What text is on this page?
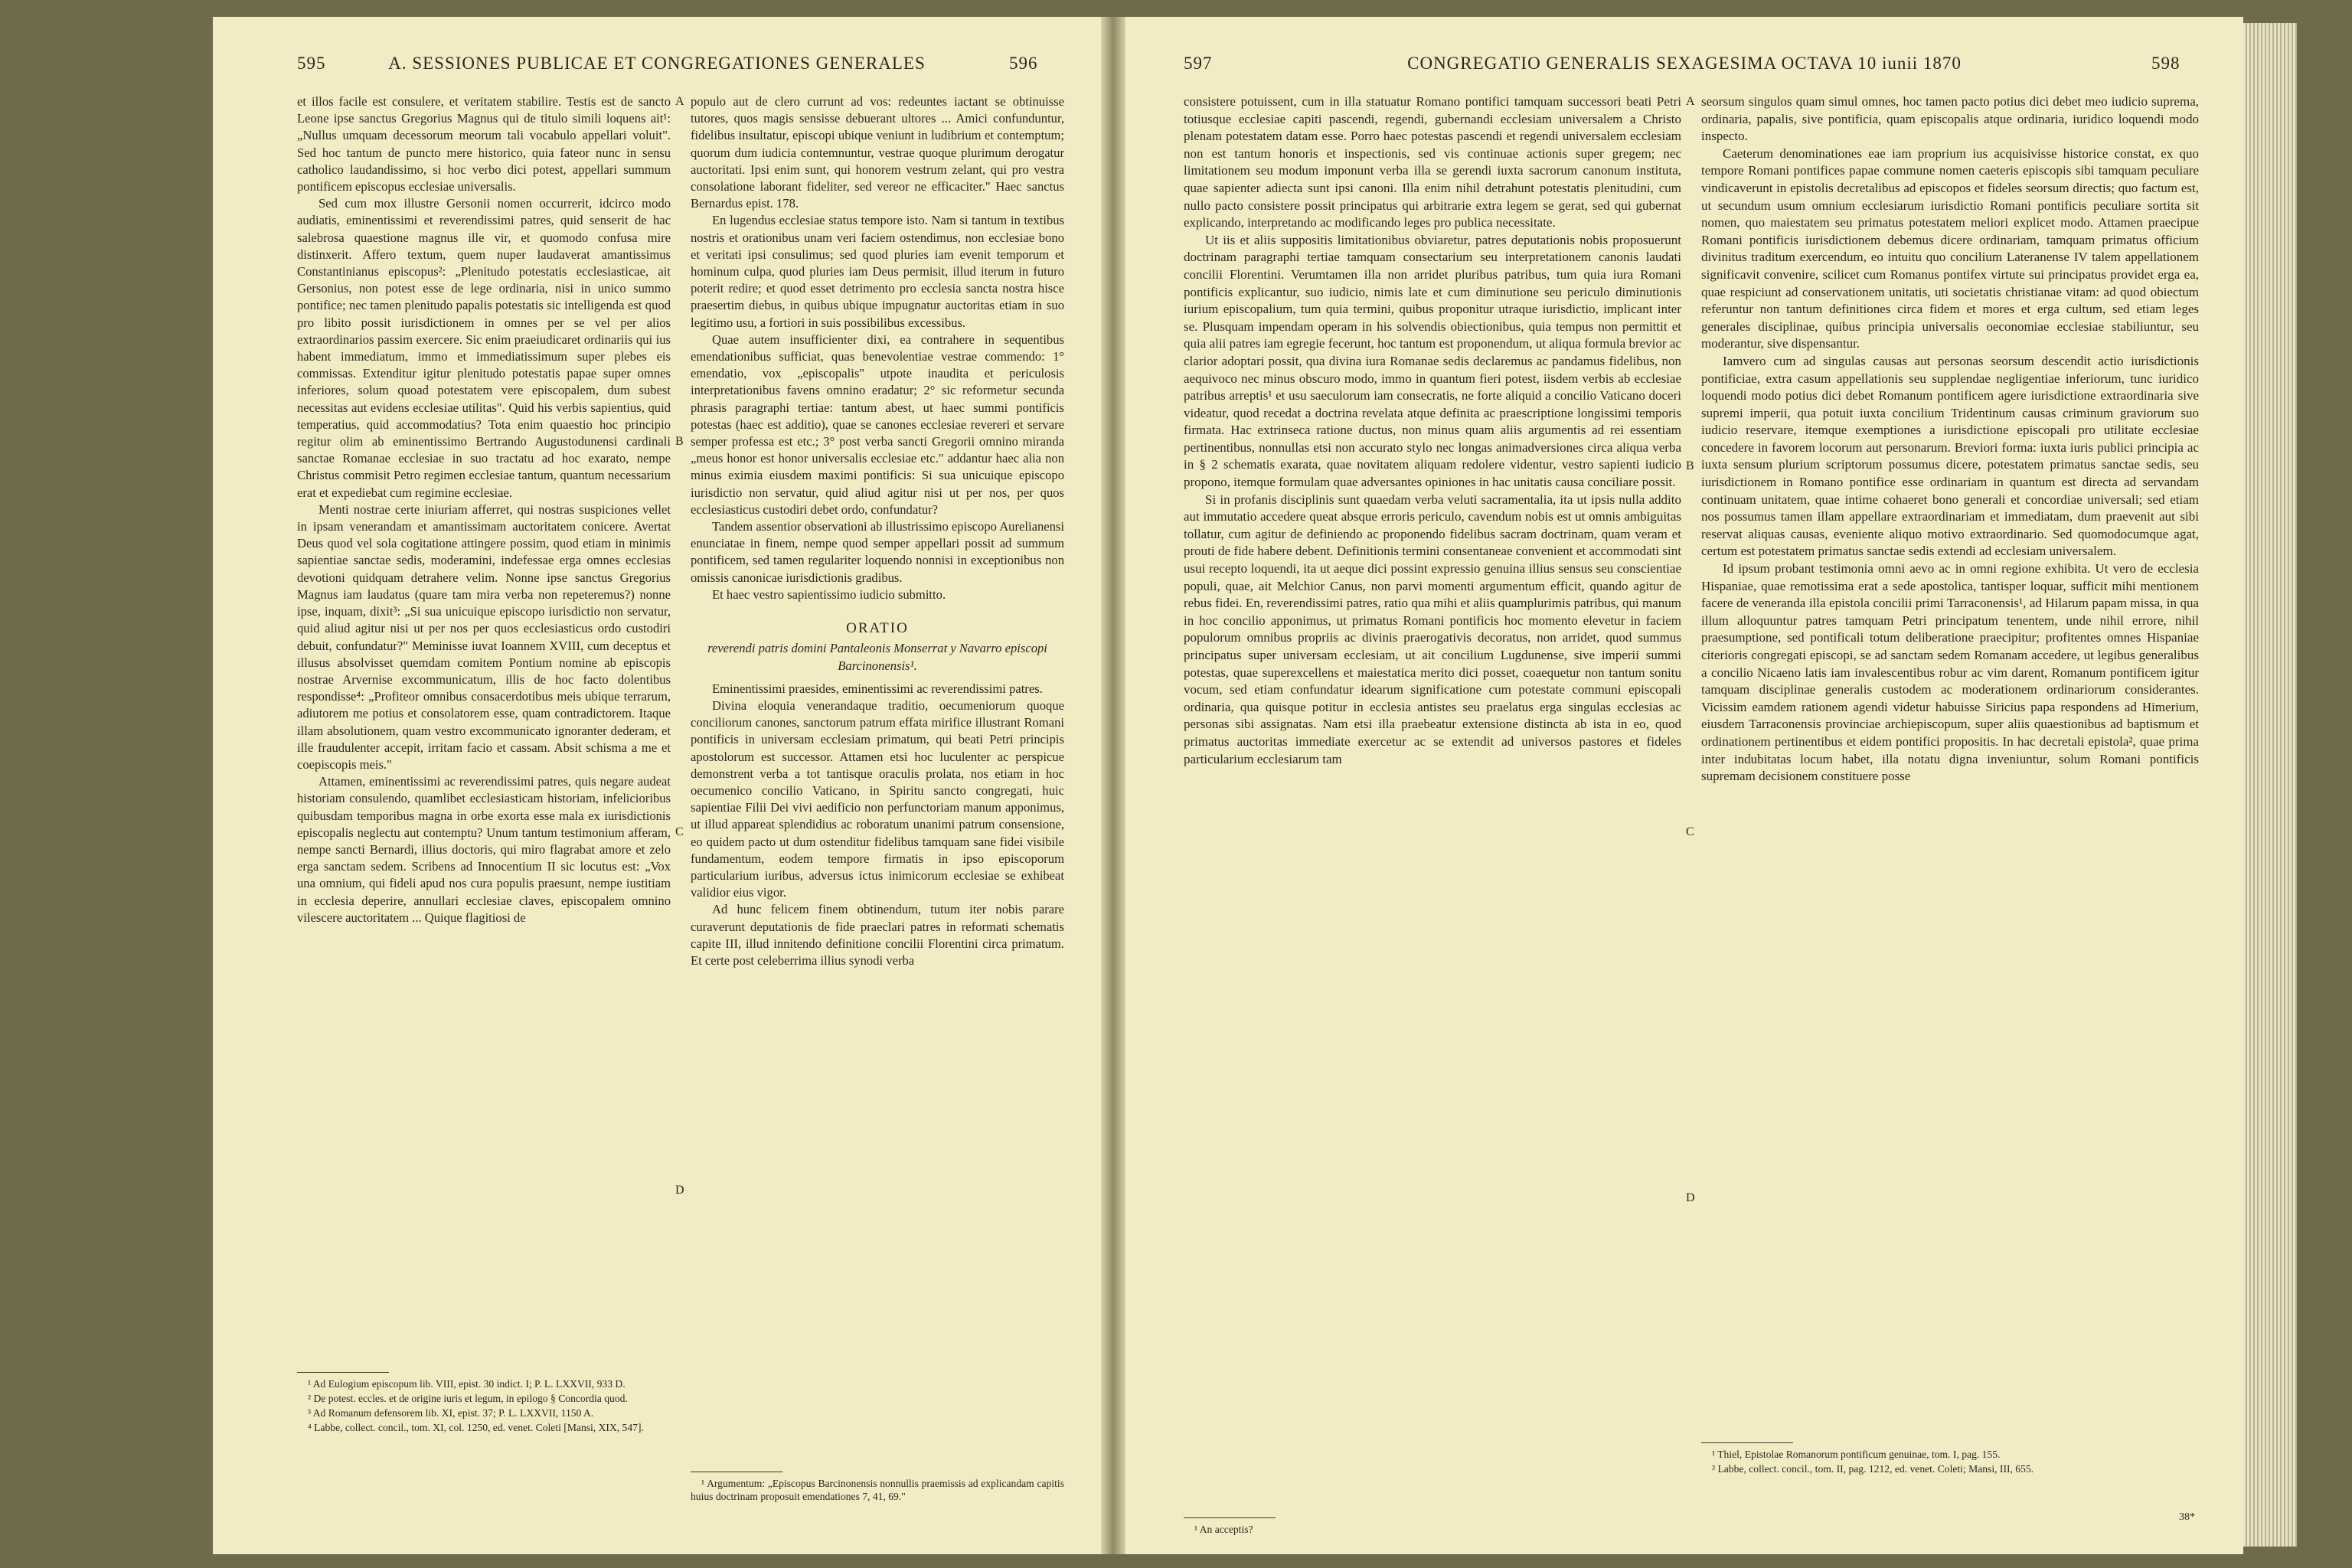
595	A. SESSIONES PUBLICAE ET CONGREGATIONES GENERALES	596

et illos facile est consulere, et veritatem stabilire. Testis est de sancto Leone ipse sanctus Gregorius Magnus qui de titulo simili loquens ait¹: „Nullus umquam decessorum meorum tali vocabulo appellari voluit". Sed hoc tantum de puncto mere historico, quia fateor nunc in sensu catholico laudandissimo, si hoc verbo dici potest, appellari summum pontificem episcopus ecclesiae universalis.

Sed cum mox illustre Gersonii nomen occurrerit, idcirco modo audiatis, eminentissimi et reverendissimi patres, quid senserit de hac salebrosa quaestione magnus ille vir, et quomodo confusa mire distinxerit. Affero textum, quem nuper laudaverat amantissimus Constantinianus episcopus²: „Plenitudo potestatis ecclesiasticae, ait Gersonius, non potest esse de lege ordinaria, nisi in unico summo pontifice; nec tamen plenitudo papalis potestatis sic intelligenda est quod pro libito possit iurisdictionem in omnes per se vel per alios extraordinarios passim exercere. Sic enim praeiudicaret ordinariis qui ius habent immediatum, immo et immediatissimum super plebes eis commissas. Extenditur igitur plenitudo potestatis papae super omnes inferiores, solum quoad potestatem vere episcopalem, dum subest necessitas aut evidens ecclesiae utilitas". Quid his verbis sapientius, quid temperatius, quid accommodatius? Tota enim quaestio hoc principio regitur olim ab eminentissimo Bertrando Augustodunensi cardinali sanctae Romanae ecclesiae in suo tractatu ad hoc exarato, nempe Christus commisit Petro regimen ecclesiae tantum, quantum necessarium erat et expediebat cum regimine ecclesiae.

Menti nostrae certe iniuriam afferret, qui nostras suspiciones vellet in ipsam venerandam et amantissimam auctoritatem conicere. Avertat Deus quod vel sola cogitatione attingere possim, quod etiam in minimis sapientiae sanctae sedis, moderamini, indefessae erga omnes ecclesias devotioni quidquam detrahere velim. Nonne ipse sanctus Gregorius Magnus iam laudatus (quare tam mira verba non repeteremus?) nonne ipse, inquam, dixit³: „Si sua unicuique episcopo iurisdictio non servatur, quid aliud agitur nisi ut per nos per quos ecclesiasticus ordo custodiri debuit, confundatur?" Meminisse iuvat Ioannem XVIII, cum deceptus et illusus absolvisset quemdam comitem Pontium nomine ab episcopis nostrae Arvernise excommunicatum, illis de hoc facto dolentibus respondisse⁴: „Profiteor omnibus consacerdotibus meis ubique terrarum, adiutorem me potius et consolatorem esse, quam contradictorem. Itaque illam absolutionem, quam vestro excommunicato ignoranter dederam, et ille fraudulenter accepit, irritam facio et cassam. Absit schisma a me et coepiscopis meis."

Attamen, eminentissimi ac reverendissimi patres, quis negare audeat historiam consulendo, quamlibet ecclesiasticam historiam, infelicioribus quibusdam temporibus magna in orbe exorta esse mala ex iurisdictionis episcopalis neglectu aut contemptu? Unum tantum testimonium afferam, nempe sancti Bernardi, illius doctoris, qui miro flagrabat amore et zelo erga sanctam sedem. Scribens ad Innocentium II sic locutus est: „Vox una omnium, qui fideli apud nos cura populis praesunt, nempe iustitiam in ecclesia deperire, annullari ecclesiae claves, episcopalem omnino vilescere auctoritatem ... Quique flagitiosi de

¹ Ad Eulogium episcopum lib. VIII, epist. 30 indict. I; P. L. LXXVII, 933 D.

² De potest. eccles. et de origine iuris et legum, in epilogo § Concordia quod.

³ Ad Romanum defensorem lib. XI, epist. 37; P. L. LXXVII, 1150 A.

⁴ Labbe, collect. concil., tom. XI, col. 1250, ed. venet. Coleti [Mansi, XIX, 547].

A
B
C
D

populo aut de clero currunt ad vos: redeuntes iactant se obtinuisse tutores, quos magis sensisse debuerant ultores ... Amici confunduntur, fidelibus insultatur, episcopi ubique veniunt in ludibrium et contemptum; quorum dum iudicia contemnuntur, vestrae quoque plurimum derogatur auctoritati. Ipsi enim sunt, qui honorem vestrum zelant, qui pro vestra consolatione laborant fideliter, sed vereor ne efficaciter." Haec sanctus Bernardus epist. 178.

En lugendus ecclesiae status tempore isto. Nam si tantum in textibus nostris et orationibus unam veri faciem ostendimus, non ecclesiae bono et veritati ipsi consulimus; sed quod pluries iam evenit temporum et hominum culpa, quod pluries iam Deus permisit, illud iterum in futuro poterit redire; et quod esset detrimento pro ecclesia sancta nostra hisce praesertim diebus, in quibus ubique impugnatur auctoritas etiam in suo legitimo usu, a fortiori in suis possibilibus excessibus.

Quae autem insufficienter dixi, ea contrahere in sequentibus emendationibus sufficiat, quas benevolentiae vestrae commendo: 1° emendatio, vox „episcopalis" utpote inaudita et periculosis interpretationibus favens omnino eradatur; 2° sic reformetur secunda phrasis paragraphi tertiae: tantum abest, ut haec summi pontificis potestas (haec est additio), quae se canones ecclesiae revereri et servare semper professa est etc.; 3° post verba sancti Gregorii omnino miranda „meus honor est honor universalis ecclesiae etc." addantur haec alia non minus eximia eiusdem maximi pontificis: Si sua unicuique episcopo iurisdictio non servatur, quid aliud agitur nisi ut per nos, per quos ecclesiasticus custodiri debet ordo, confundatur?

Tandem assentior observationi ab illustrissimo episcopo Aurelianensi enunciatae in finem, nempe quod semper appellari possit ad summum pontificem, sed tamen regulariter loquendo nonnisi in exceptionibus non omissis canonicae iurisdictionis gradibus.

Et haec vestro sapientissimo iudicio submitto.

ORATIO
reverendi patris domini Pantaleonis Monserrat y Navarro episcopi Barcinonensis¹.

Eminentissimi praesides, eminentissimi ac reverendissimi patres.

Divina eloquia venerandaque traditio, oecumeniorum quoque conciliorum canones, sanctorum patrum effata mirifice illustrant Romani pontificis in universam ecclesiam primatum, qui beati Petri principis apostolorum est successor. Attamen etsi hoc luculenter ac perspicue demonstrent verba a tot tantisque oraculis prolata, nos etiam in hoc oecumenico concilio Vaticano, in Spiritu sancto congregati, huic sapientiae Filii Dei vivi aedificio non perfunctoriam manum apponimus, ut illud appareat splendidius ac roboratum unanimi patrum consensione, eo quidem pacto ut dum ostenditur fidelibus tamquam sane fidei visibile fundamentum, eodem tempore firmatis in ipso episcoporum particularium iuribus, adversus ictus inimicorum ecclesiae se exhibeat validior eius vigor.

Ad hunc felicem finem obtinendum, tutum iter nobis parare curaverunt deputationis de fide praeclari patres in reformati schematis capite III, illud innitendo definitione concilii Florentini circa primatum. Et certe post celeberrima illius synodi verba

¹ Argumentum: „Episcopus Barcinonensis nonnullis praemissis ad explicandam capitis huius doctrinam proposuit emendationes 7, 41, 69."

597	CONGREGATIO GENERALIS SEXAGESIMA OCTAVA 10 iunii 1870	598

consistere potuissent, cum in illa statuatur Romano pontifici tamquam successori beati Petri totiusque ecclesiae capiti pascendi, regendi, gubernandi ecclesiam universalem a Christo plenam potestatem datam esse. Porro haec potestas pascendi et regendi universalem ecclesiam non est tantum honoris et inspectionis, sed vis continuae actionis super gregem; nec limitationem seu modum imponunt verba illa se gerendi iuxta sacrorum canonum instituta, quae sapienter adiecta sunt ipsi canoni. Illa enim nihil detrahunt potestatis plenitudini, cum nullo pacto consistere possit principatus qui arbitrarie extra legem se gerat, sed qui gubernat explicando, interpretando ac modificando leges pro publica necessitate.

Ut iis et aliis suppositis limitationibus obviaretur, patres deputationis nobis proposuerunt doctrinam paragraphi tertiae tamquam consectarium seu interpretationem canonis laudati concilii Florentini. Verumtamen illa non arridet pluribus patribus, tum quia iura Romani pontificis explicantur, suo iudicio, nimis late et cum diminutione seu periculo diminutionis iurium episcopalium, tum quia termini, quibus proponitur utraque iurisdictio, implicant inter se. Plusquam impendam operam in his solvendis obiectionibus, quia tempus non permittit et quia alii patres iam egregie fecerunt, hoc tantum est proponendum, ut aliqua formula brevior ac clarior adoptari possit, qua divina iura Romanae sedis declaremus ac pandamus fidelibus, non aequivoco nec minus obscuro modo, immo in quantum fieri potest, iisdem verbis ab ecclesiae patribus arreptis¹ et usu saeculorum iam consecratis, ne forte aliquid a concilio Vaticano doceri videatur, quod recedat a doctrina revelata atque definita ac praescriptione longissimi temporis firmata. Hac extrinseca ratione ductus, non minus quam aliis argumentis ad rei essentiam pertinentibus, nonnullas etsi non accurato stylo nec longas animadversiones circa aliqua verba in § 2 schematis exarata, quae novitatem aliquam redolere videntur, vestro sapienti iudicio propono, itemque formulam quae adversantes opiniones in hac unitatis causa conciliare possit.

Si in profanis disciplinis sunt quaedam verba veluti sacramentalia, ita ut ipsis nulla addito aut immutatio accedere queat absque erroris periculo, cavendum nobis est ut omnis ambiguitas tollatur, cum agitur de definiendo ac proponendo fidelibus sacram doctrinam, quam veram et prouti de fide habere debent. Definitionis termini consentaneae convenient et accommodati sint usui recepto loquendi, ita ut aeque dici possint expressio genuina illius sensus seu conscientiae populi, quae, ait Melchior Canus, non parvi momenti argumentum efficit, quando agitur de rebus fidei. En, reverendissimi patres, ratio qua mihi et aliis quamplurimis patribus, qui manum in hoc concilio apponimus, ut primatus Romani pontificis hoc momento elevetur in faciem populorum omnibus propriis ac divinis praerogativis decoratus, non arridet, quod summus principatus super universam ecclesiam, ut ait concilium Lugdunense, sive imperii summi potestas, quae superexcellens et maiestatica merito dici posset, coaequetur non tantum sonitu vocum, sed etiam confundatur idearum significatione cum potestate communi episcopali ordinaria, qua quisque potitur in ecclesia antistes seu praelatus erga singulas ecclesias ac personas sibi assignatas. Nam etsi illa praebeatur extensione distincta ab ista in eo, quod primatus auctoritas immediate exercetur ac se extendit ad universos pastores et fideles particularium ecclesiarum tam

¹ An acceptis?

A
B
C
D

seorsum singulos quam simul omnes, hoc tamen pacto potius dici debet meo iudicio suprema, ordinaria, papalis, sive pontificia, quam episcopalis atque ordinaria, iuridico loquendi modo inspecto.

Caeterum denominationes eae iam proprium ius acquisivisse historice constat, ex quo tempore Romani pontifices papae commune nomen caeteris episcopis sibi tamquam peculiare vindicaverunt in epistolis decretalibus ad episcopos et fideles seorsum directis; quo factum est, ut secundum usum omnium ecclesiarum iurisdictio Romani pontificis peculiare sortita sit nomen, quo maiestatem seu primatus potestatem meliori explicet modo. Attamen praecipue Romani pontificis iurisdictionem debemus dicere ordinariam, tamquam primatus officium divinitus traditum exercendum, eo intuitu quo concilium Lateranense IV talem appellationem significavit convenire, scilicet cum Romanus pontifex virtute sui principatus providet erga ea, quae respiciunt ad conservationem unitatis, uti societatis christianae vitam: ad quod obiectum referuntur non tantum definitiones circa fidem et mores et erga cultum, sed etiam leges generales disciplinae, quibus principia universalis oeconomiae ecclesiae stabiliuntur, seu moderantur, sive dispensantur.

Iamvero cum ad singulas causas aut personas seorsum descendit actio iurisdictionis pontificiae, extra casum appellationis seu supplendae negligentiae inferiorum, tunc iuridico loquendi modo potius dici debet Romanum pontificem agere iurisdictione extraordinaria sive supremi imperii, qua potuit iuxta concilium Tridentinum causas criminum graviorum suo iudicio reservare, itemque exemptiones a iurisdictione episcopali pro utilitate ecclesiae concedere in favorem locorum aut personarum. Breviori forma: iuxta iuris publici principia ac iuxta sensum plurium scriptorum possumus dicere, potestatem primatus sanctae sedis, seu iurisdictionem in Romano pontifice esse ordinariam in quantum est directa ad servandam continuam unitatem, quae intime cohaeret bono generali et concordiae universali; sed etiam nos possumus tamen illam appellare extraordinariam et immediatam, dum praevenit aut sibi reservat aliquas causas, eveniente aliquo motivo extraordinario. Sed quomodocumque agat, certum est potestatem primatus sanctae sedis extendi ad ecclesiam universalem.

Id ipsum probant testimonia omni aevo ac in omni regione exhibita. Ut vero de ecclesia Hispaniae, quae remotissima erat a sede apostolica, tantisper loquar, sufficit mihi mentionem facere de veneranda illa epistola concilii primi Tarraconensis¹, ad Hilarum papam missa, in qua illum alloquuntur patres tamquam Petri principatum tenentem, unde nihil errore, nihil praesumptione, sed pontificali totum deliberatione praecipitur; profitentes omnes Hispaniae citerioris congregati episcopi, se ad sanctam sedem Romanam accedere, ut legibus generalibus a concilio Nicaeno latis iam invalescentibus robur ac vim darent, Romanum pontificem igitur tamquam disciplinae generalis custodem ac moderationem ordinariorum considerantes. Vicissim eamdem rationem agendi videtur habuisse Siricius papa respondens ad Himerium, eiusdem Tarraconensis provinciae archiepiscopum, super aliis quaestionibus ad baptismum et ordinationem pertinentibus et eidem pontifici propositis. In hac decretali epistola², quae prima inter indubitatas locum habet, illa notatu digna inveniuntur, solum Romani pontificis supremam decisionem constituere posse

¹ Thiel, Epistolae Romanorum pontificum genuinae, tom. I, pag. 155.

² Labbe, collect. concil., tom. II, pag. 1212, ed. venet. Coleti; Mansi, III, 655.

38*
